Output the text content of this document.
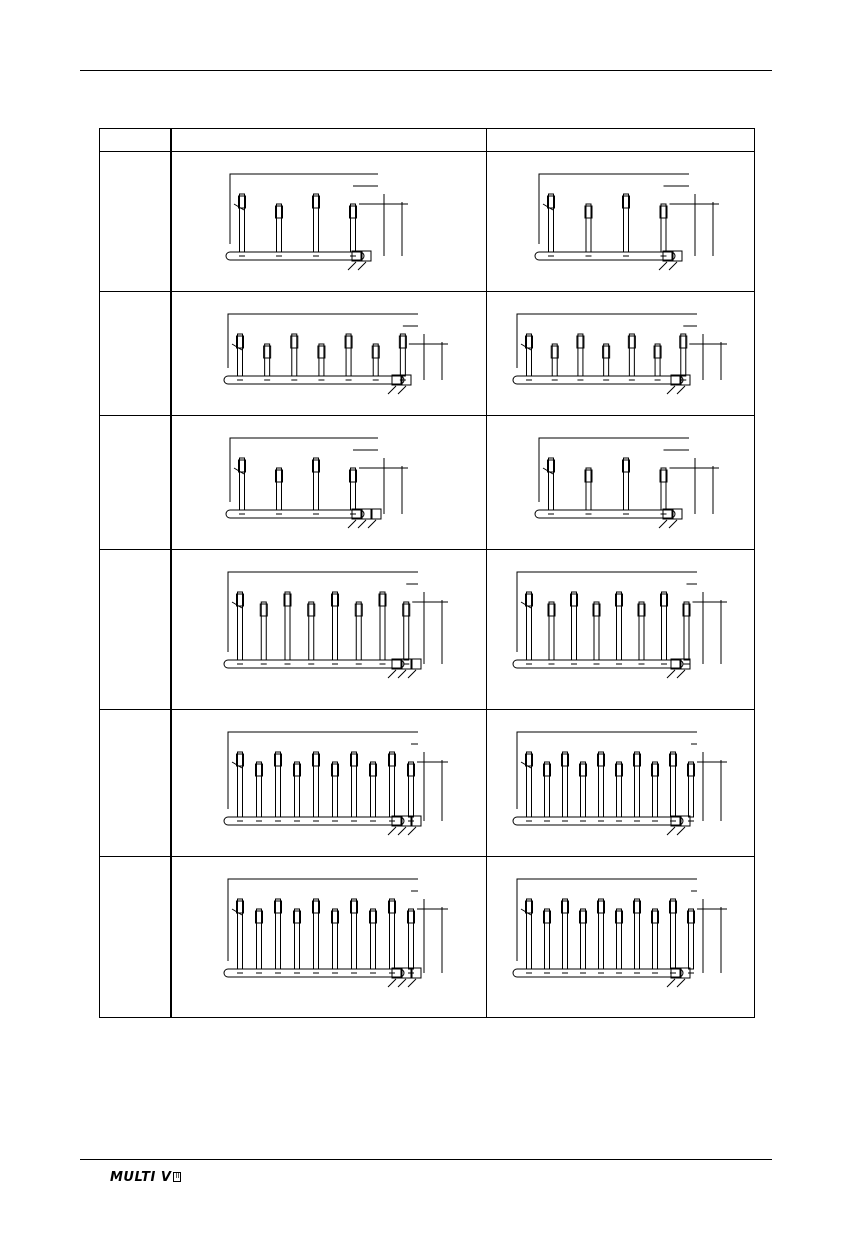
MULTI V II
